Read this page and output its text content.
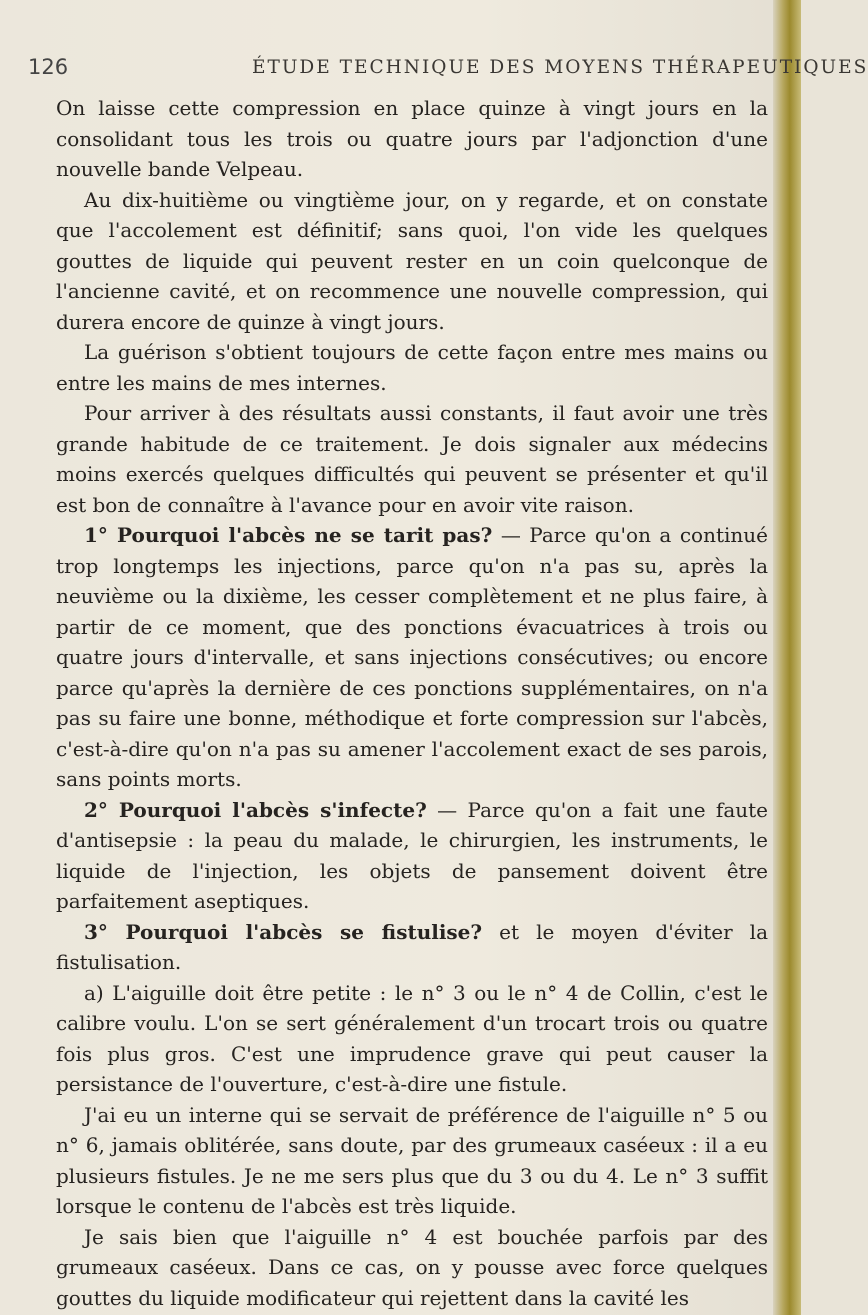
126	ÉTUDE TECHNIQUE DES MOYENS THÉRAPEUTIQUES

On laisse cette compression en place quinze à vingt jours en la consolidant tous les trois ou quatre jours par l'adjonction d'une nouvelle bande Velpeau.

Au dix-huitième ou vingtième jour, on y regarde, et on constate que l'accolement est définitif; sans quoi, l'on vide les quelques gouttes de liquide qui peuvent rester en un coin quelconque de l'ancienne cavité, et on recommence une nouvelle compression, qui durera encore de quinze à vingt jours.

La guérison s'obtient toujours de cette façon entre mes mains ou entre les mains de mes internes.

Pour arriver à des résultats aussi constants, il faut avoir une très grande habitude de ce traitement. Je dois signaler aux médecins moins exercés quelques difficultés qui peuvent se présenter et qu'il est bon de connaître à l'avance pour en avoir vite raison.

1° Pourquoi l'abcès ne se tarit pas? — Parce qu'on a continué trop longtemps les injections, parce qu'on n'a pas su, après la neuvième ou la dixième, les cesser complètement et ne plus faire, à partir de ce moment, que des ponctions évacuatrices à trois ou quatre jours d'intervalle, et sans injections consécutives; ou encore parce qu'après la dernière de ces ponctions supplémentaires, on n'a pas su faire une bonne, méthodique et forte compression sur l'abcès, c'est-à-dire qu'on n'a pas su amener l'accolement exact de ses parois, sans points morts.

2° Pourquoi l'abcès s'infecte? — Parce qu'on a fait une faute d'antisepsie : la peau du malade, le chirurgien, les instruments, le liquide de l'injection, les objets de pansement doivent être parfaitement aseptiques.

3° Pourquoi l'abcès se fistulise? et le moyen d'éviter la fistulisation.

a) L'aiguille doit être petite : le n° 3 ou le n° 4 de Collin, c'est le calibre voulu. L'on se sert généralement d'un trocart trois ou quatre fois plus gros. C'est une imprudence grave qui peut causer la persistance de l'ouverture, c'est-à-dire une fistule.

J'ai eu un interne qui se servait de préférence de l'aiguille n° 5 ou n° 6, jamais oblitérée, sans doute, par des grumeaux caséeux : il a eu plusieurs fistules. Je ne me sers plus que du 3 ou du 4. Le n° 3 suffit lorsque le contenu de l'abcès est très liquide.

Je sais bien que l'aiguille n° 4 est bouchée parfois par des grumeaux caséeux. Dans ce cas, on y pousse avec force quelques gouttes du liquide modificateur qui rejettent dans la cavité les
